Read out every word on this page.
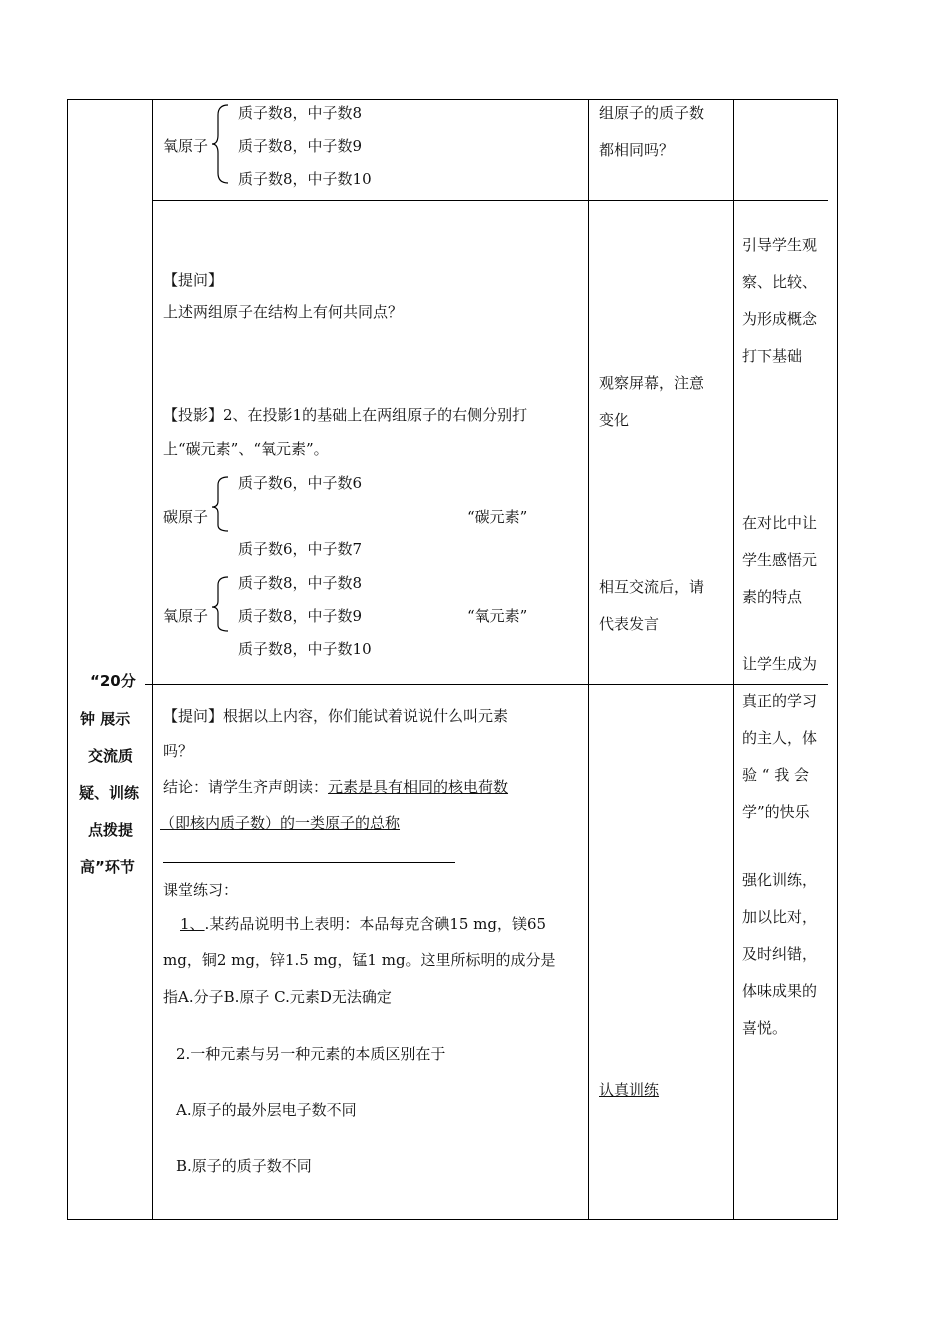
“20分
钟 展示
交流质
疑、训练
点拨提
高”环节
氧原子
质子数8，中子数8
质子数8，中子数9
质子数8，中子数10
组原子的质子数
都相同吗？
【提问】
上述两组原子在结构上有何共同点？
【投影】2、在投影1的基础上在两组原子的右侧分别打
上“碳元素”、“氧元素”。
碳原子
质子数6，中子数6
“碳元素”
质子数6，中子数7
氧原子
质子数8，中子数8
质子数8，中子数9	“氧元素”
质子数8，中子数10
观察屏幕，注意
变化
相互交流后，请
代表发言
引导学生观
察、比较、
为形成概念
打下基础
在对比中让
学生感悟元
素的特点
让学生成为
真正的学习
的主人，体
验 “ 我 会
学”的快乐
【提问】根据以上内容，你们能试着说说什么叫元素
吗？
结论：请学生齐声朗读：元素是具有相同的核电荷数
（即核内质子数）的一类原子的总称
课堂练习：
1、.某药品说明书上表明：本品每克含碘15 mg，镁65
mg，铜2 mg，锌1.5 mg，锰1 mg。这里所标明的成分是
指A.分子B.原子 C.元素D无法确定
2.一种元素与另一种元素的本质区别在于
A.原子的最外层电子数不同
B.原子的质子数不同
认真训练
强化训练，
加以比对，
及时纠错，
体味成果的
喜悦。
